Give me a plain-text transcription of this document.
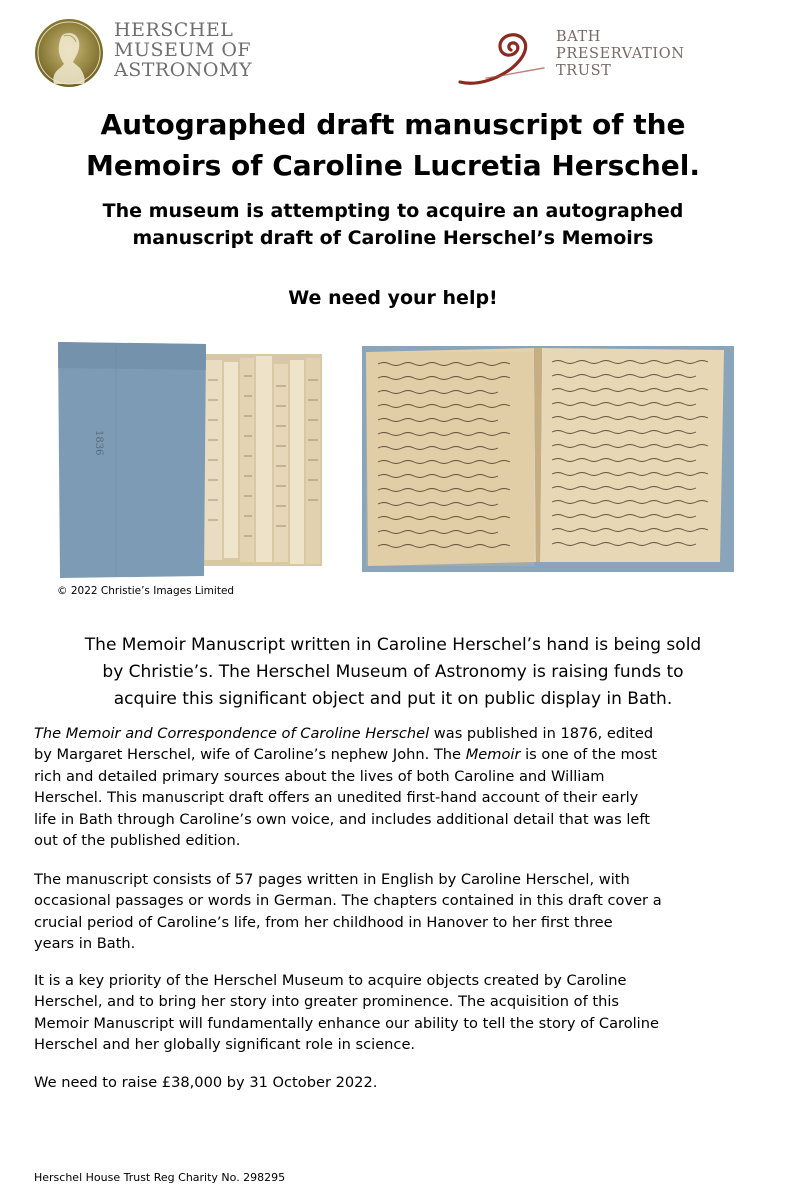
HERSCHEL
MUSEUM OF
ASTRONOMY
BATH
PRESERVATION
TRUST
Autographed draft manuscript of the
Memoirs of Caroline Lucretia Herschel.
The museum is attempting to acquire an autographed
manuscript draft of Caroline Herschel’s Memoirs
We need your help!
1836
© 2022 Christie’s Images Limited
The Memoir Manuscript written in Caroline Herschel’s hand is being sold
by Christie’s. The Herschel Museum of Astronomy is raising funds to
acquire this significant object and put it on public display in Bath.
The Memoir and Correspondence of Caroline Herschel was published in 1876, edited
by Margaret Herschel, wife of Caroline’s nephew John. The Memoir is one of the most
rich and detailed primary sources about the lives of both Caroline and William
Herschel. This manuscript draft offers an unedited first-hand account of their early
life in Bath through Caroline’s own voice, and includes additional detail that was left
out of the published edition.
The manuscript consists of 57 pages written in English by Caroline Herschel, with
occasional passages or words in German. The chapters contained in this draft cover a
crucial period of Caroline’s life, from her childhood in Hanover to her first three
years in Bath.
It is a key priority of the Herschel Museum to acquire objects created by Caroline
Herschel, and to bring her story into greater prominence. The acquisition of this
Memoir Manuscript will fundamentally enhance our ability to tell the story of Caroline
Herschel and her globally significant role in science.
We need to raise £38,000 by 31 October 2022.
Herschel House Trust Reg Charity No. 298295
